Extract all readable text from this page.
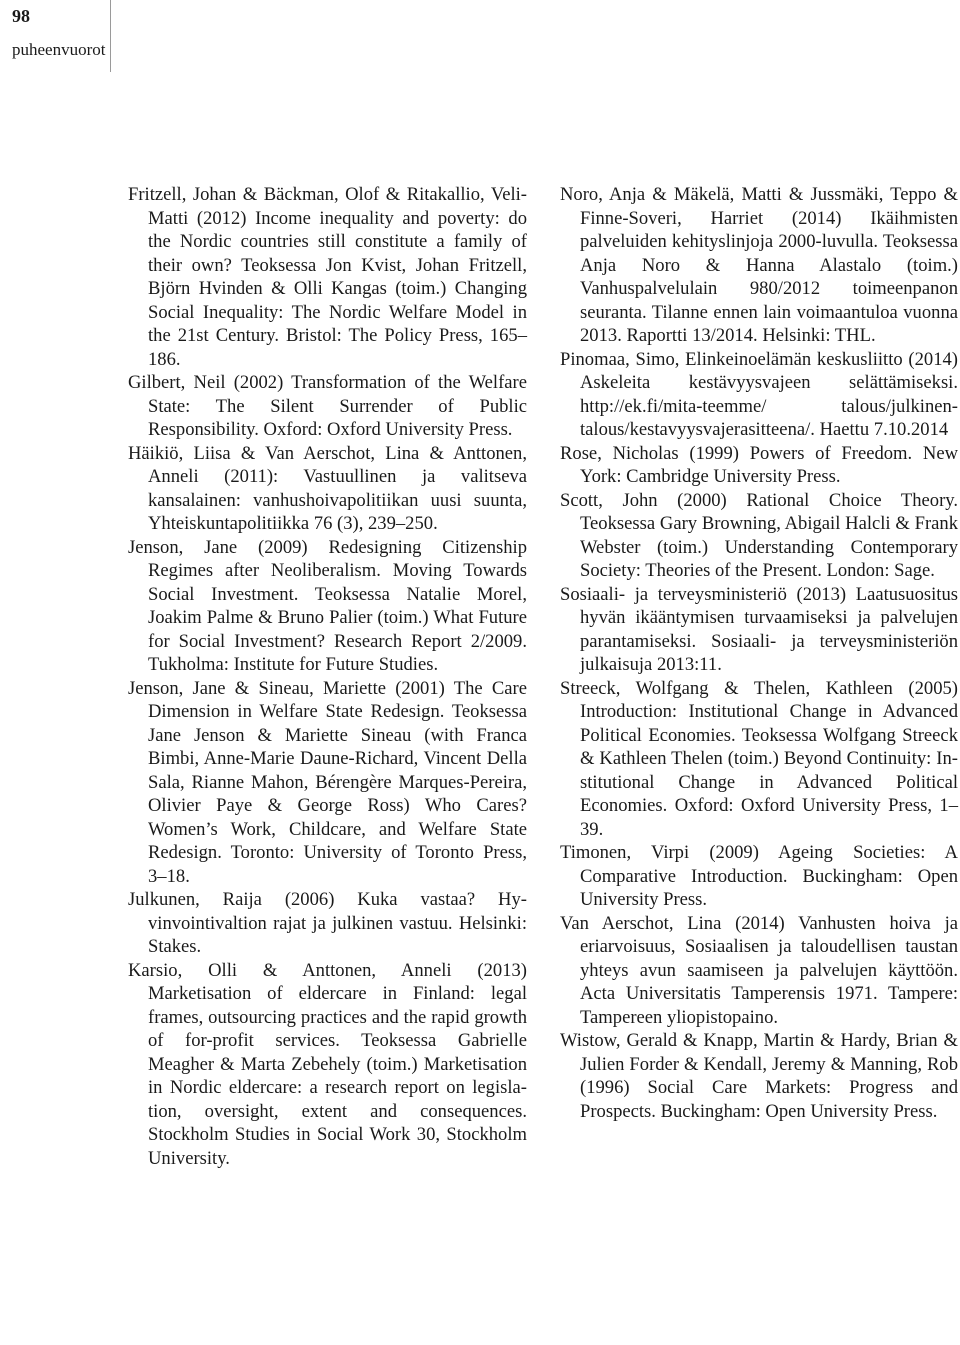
98
puheenvuorot

Fritzell, Johan & Bäckman, Olof & Ritakallio, Veli-Matti (2012) Income inequality and poverty: do the Nordic countries still constitute a family of their own? Teoksessa Jon Kvist, Johan Fritzell, Björn Hvinden & Olli Kangas (toim.) Changing Social Inequality: The Nordic Welfare Model in the 21st Century. Bristol: The Policy Press, 165–186.

Gilbert, Neil (2002) Transformation of the Welfare State: The Silent Surrender of Public Responsibility. Oxford: Oxford University Press.

Häikiö, Liisa & Van Aerschot, Lina & Anttonen, Anneli (2011): Vastuullinen ja valitseva kansalainen: vanhushoivapolitiikan uusi suunta, Yhteiskuntapolitiikka 76 (3), 239–250.

Jenson, Jane (2009) Redesigning Citizenship Regimes after Neoliberalism. Moving Towards Social Investment. Teoksessa Natalie Morel, Joakim Palme & Bruno Palier (toim.) What Future for Social Investment? Research Report 2/2009. Tukholma: Institute for Future Studies.

Jenson, Jane & Sineau, Mariette (2001) The Care Dimension in Welfare State Redesign. Teoksessa Jane Jenson & Mariette Sineau (with Franca Bimbi, Anne-Marie Daune-Richard, Vincent Della Sala, Rianne Mahon, Bérengère Marques-Pereira, Olivier Paye & George Ross) Who Cares? Women’s Work, Childcare, and Welfare State Redesign. Toronto: University of Toronto Press, 3–18.

Julkunen, Raija (2006) Kuka vastaa? Hyvinvointivaltion rajat ja julkinen vastuu. Helsinki: Stakes.

Karsio, Olli & Anttonen, Anneli (2013) Marketisation of eldercare in Finland: legal frames, outsourcing practices and the rapid growth of for-profit services. Teoksessa Gabrielle Meagher & Marta Zebehely (toim.) Marketisation in Nordic eldercare: a research report on legislation, oversight, extent and consequences. Stockholm Studies in Social Work 30, Stockholm University.

Noro, Anja & Mäkelä, Matti & Jussmäki, Teppo & Finne-Soveri, Harriet (2014) Ikäihmisten palveluiden kehityslinjoja 2000-luvulla. Teoksessa Anja Noro & Hanna Alastalo (toim.) Vanhuspalvelulain 980/2012 toimeenpanon seuranta. Tilanne ennen lain voimaantuloa vuonna 2013. Raportti 13/2014. Helsinki: THL.

Pinomaa, Simo, Elinkeinoelämän keskusliitto (2014) Askeleita kestävyysvajeen selättämiseksi. http://ek.fi/mita-teemme/ talous/julkinen-talous/kestavyysvajerasitteena/. Haettu 7.10.2014

Rose, Nicholas (1999) Powers of Freedom. New York: Cambridge University Press.

Scott, John (2000) Rational Choice Theory. Teoksessa Gary Browning, Abigail Halcli & Frank Webster (toim.) Understanding Contemporary Society: Theories of the Present. London: Sage.

Sosiaali- ja terveysministeriö (2013) Laatusuositus hyvän ikääntymisen turvaamiseksi ja palvelujen parantamiseksi. Sosiaali- ja terveysministeriön julkaisuja 2013:11.

Streeck, Wolfgang & Thelen, Kathleen (2005) Introduction: Institutional Change in Advanced Political Economies. Teoksessa Wolfgang Streeck & Kathleen Thelen (toim.) Beyond Continuity: Institutional Change in Advanced Political Economies. Oxford: Oxford University Press, 1–39.

Timonen, Virpi (2009) Ageing Societies: A Comparative Introduction. Buckingham: Open University Press.

Van Aerschot, Lina (2014) Vanhusten hoiva ja eriarvoisuus, Sosiaalisen ja taloudellisen taustan yhteys avun saamiseen ja palvelujen käyttöön. Acta Universitatis Tamperensis 1971. Tampere: Tampereen yliopistopaino.

Wistow, Gerald & Knapp, Martin & Hardy, Brian & Julien Forder & Kendall, Jeremy & Manning, Rob (1996) Social Care Markets: Progress and Prospects. Buckingham: Open University Press.
